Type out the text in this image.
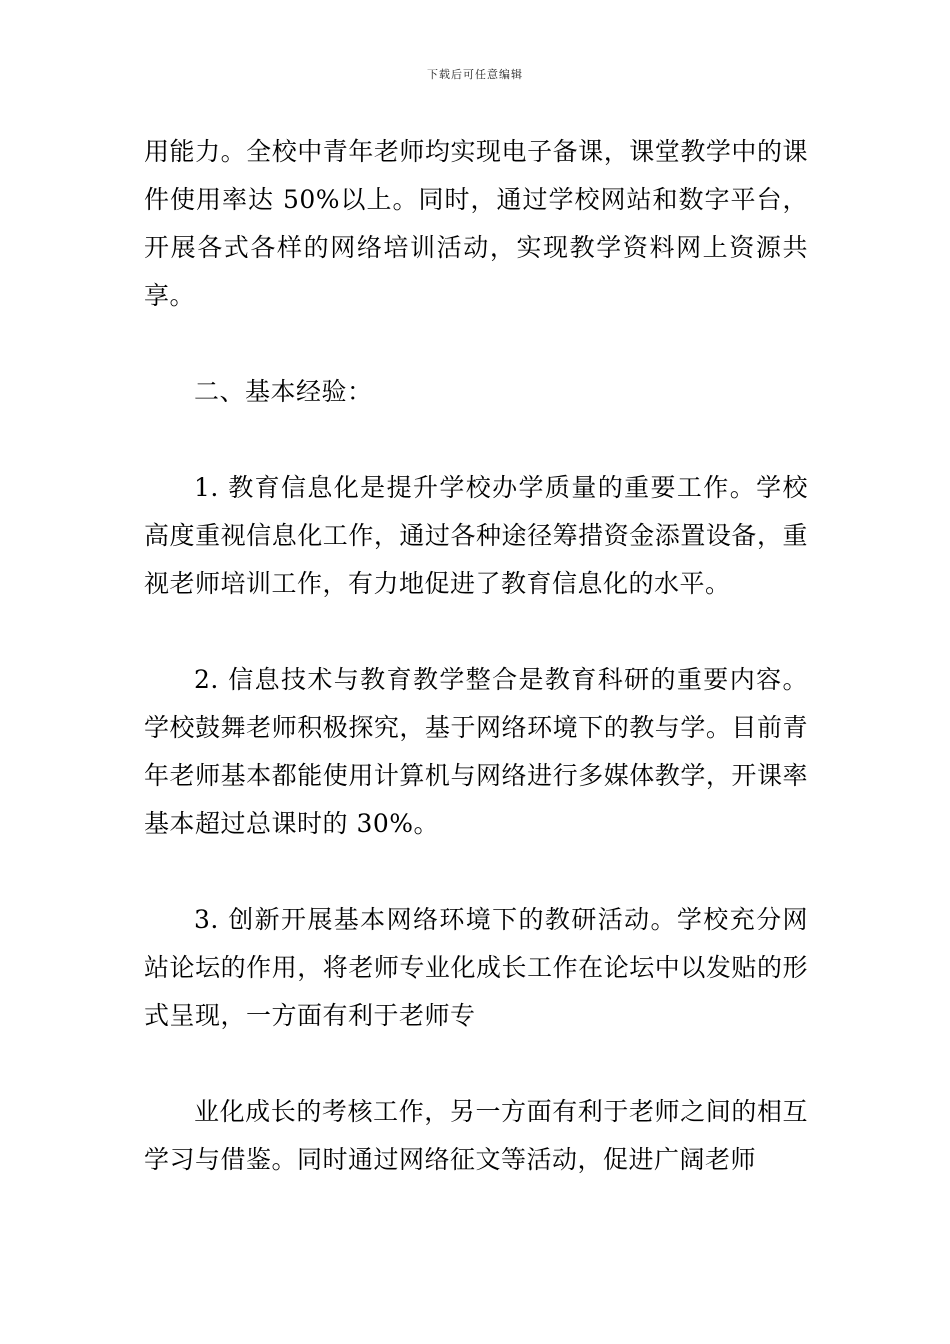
下载后可任意编辑

用能力。全校中青年老师均实现电子备课，课堂教学中的课件使用率达 50%以上。同时，通过学校网站和数字平台，开展各式各样的网络培训活动，实现教学资料网上资源共享。

二、基本经验：

1. 教育信息化是提升学校办学质量的重要工作。学校高度重视信息化工作，通过各种途径筹措资金添置设备，重视老师培训工作，有力地促进了教育信息化的水平。

2. 信息技术与教育教学整合是教育科研的重要内容。学校鼓舞老师积极探究，基于网络环境下的教与学。目前青年老师基本都能使用计算机与网络进行多媒体教学，开课率基本超过总课时的 30%。

3. 创新开展基本网络环境下的教研活动。学校充分网站论坛的作用，将老师专业化成长工作在论坛中以发贴的形式呈现，一方面有利于老师专

业化成长的考核工作，另一方面有利于老师之间的相互学习与借鉴。同时通过网络征文等活动，促进广阔老师
